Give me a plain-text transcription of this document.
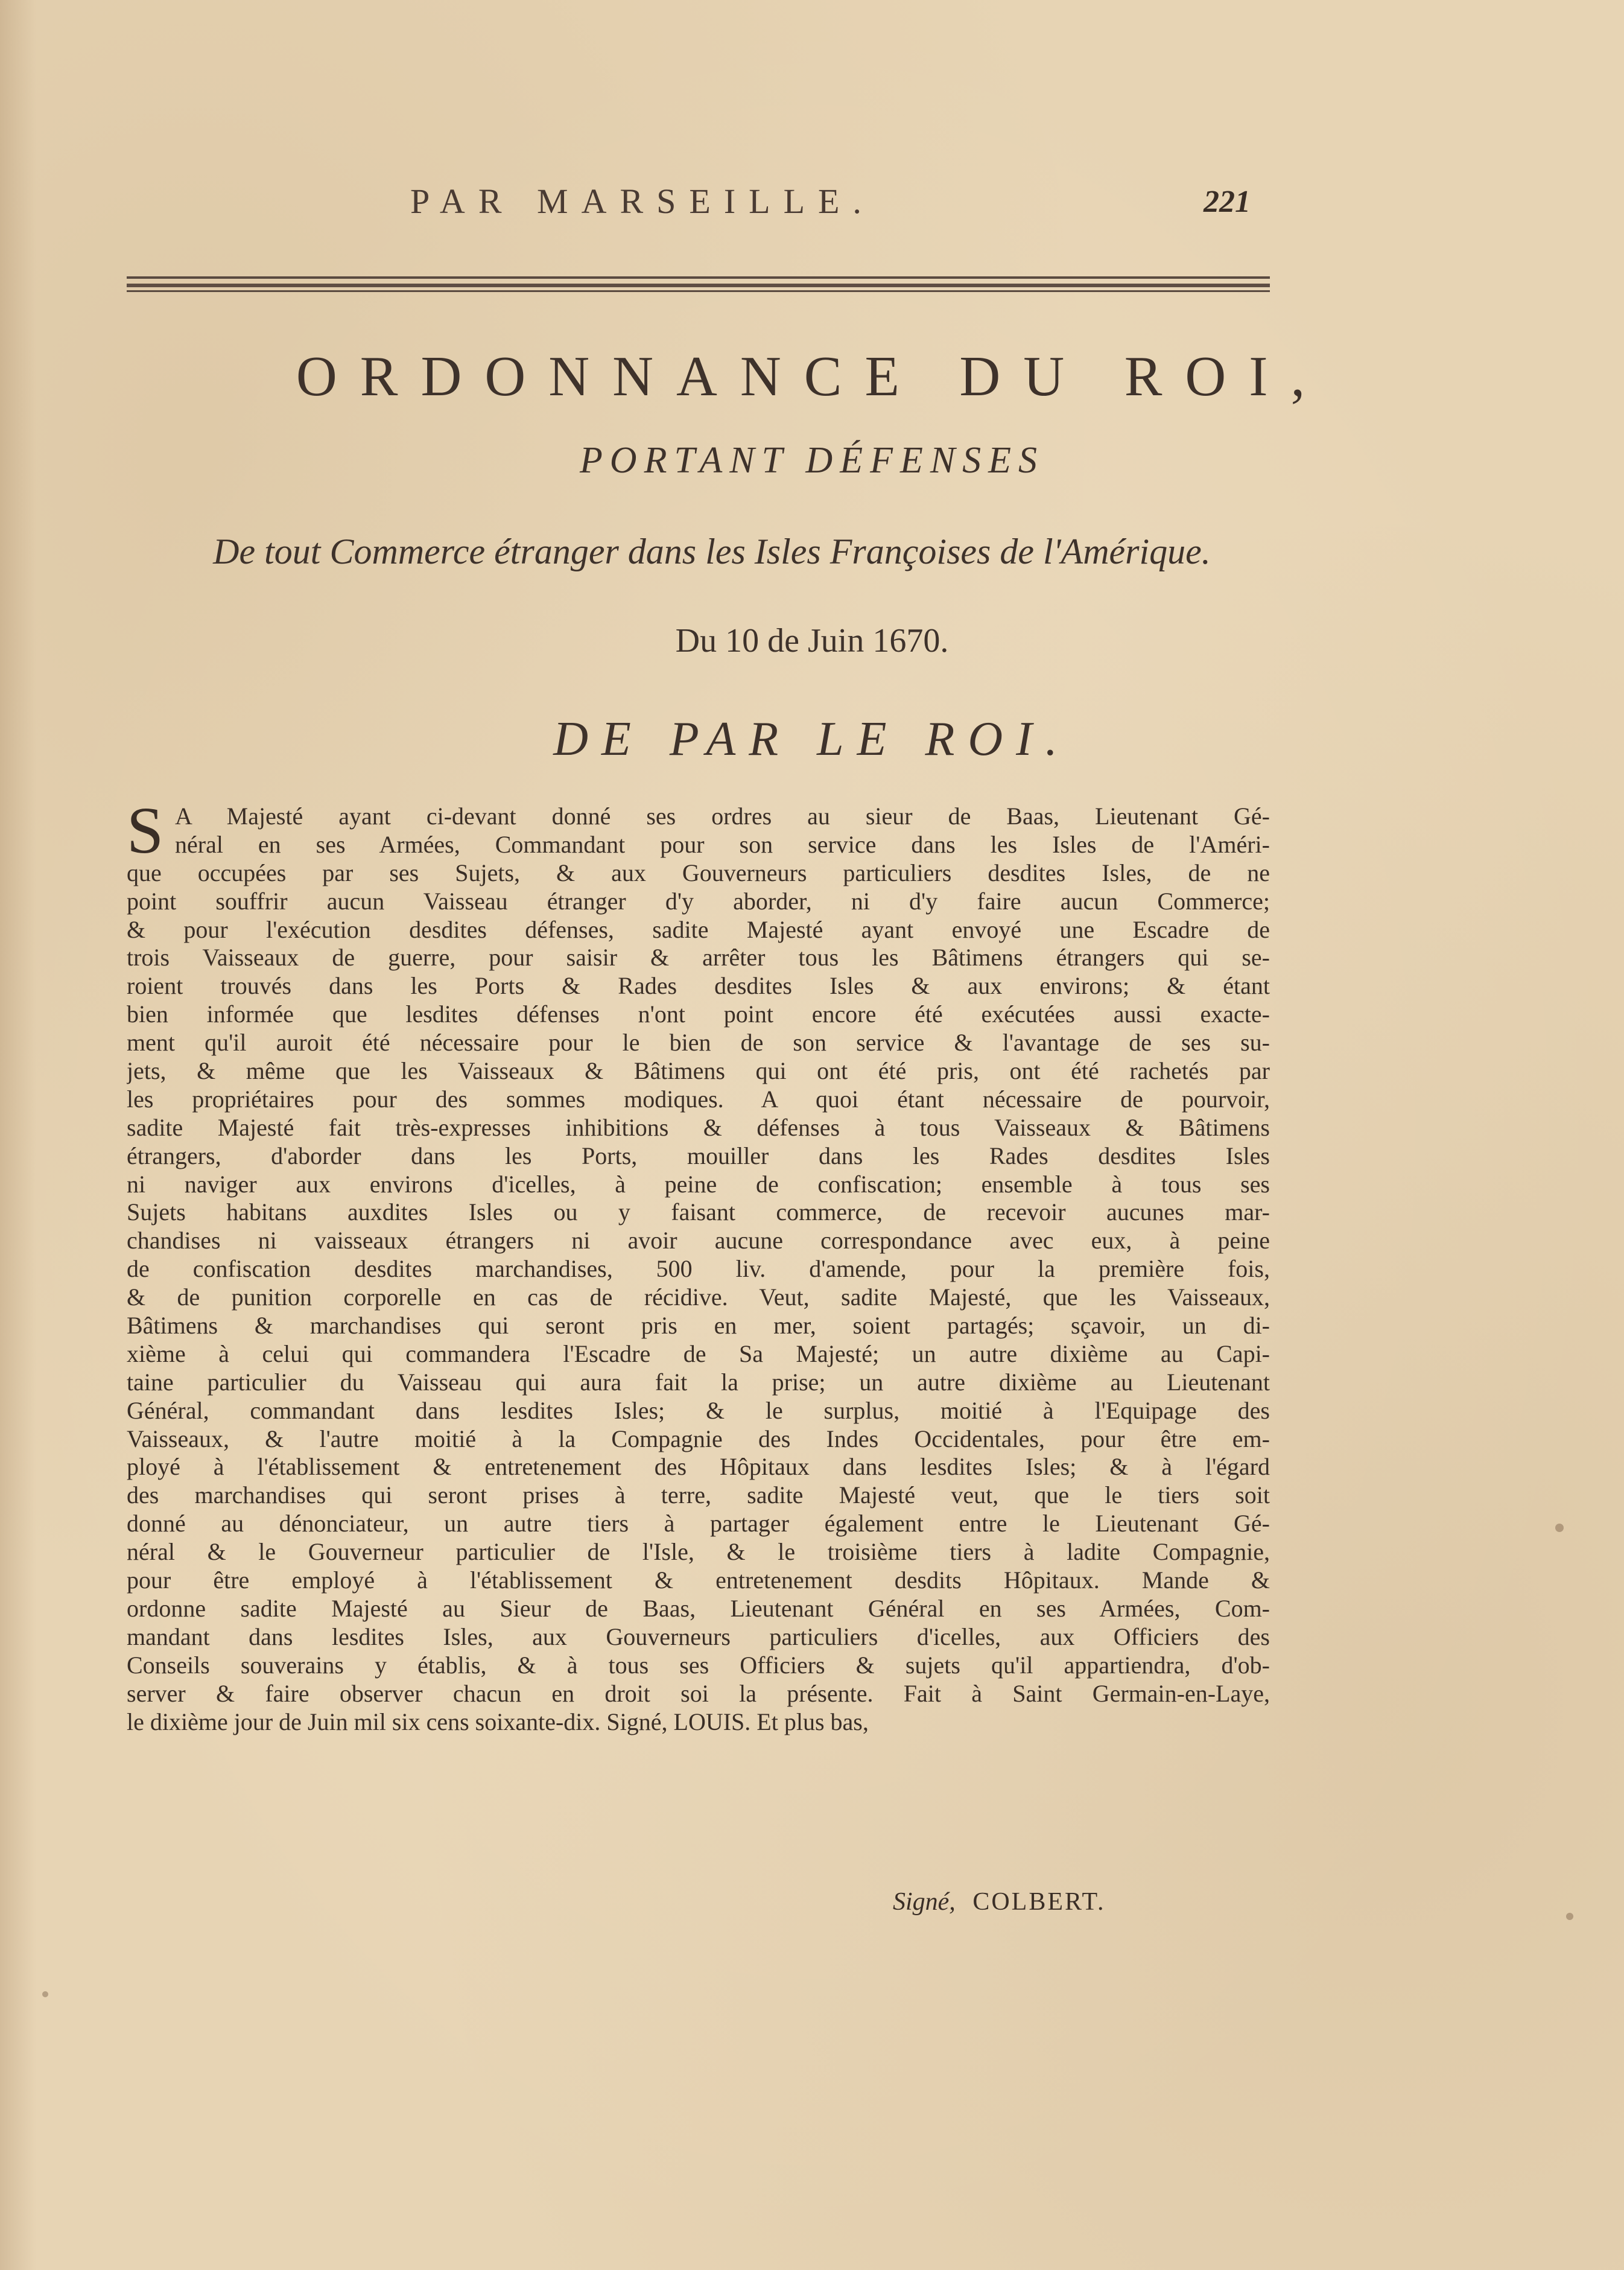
PAR MARSEILLE.	221
ORDONNANCE DU ROI,
PORTANT DÉFENSES
De tout Commerce étranger dans les Isles Françoises de l'Amérique.
Du 10 de Juin 1670.
DE PAR LE ROI.
S A Majesté ayant ci-devant donné ses ordres au sieur de Baas, Lieutenant Gé-
néral en ses Armées, Commandant pour son service dans les Isles de l'Améri-
que occupées par ses Sujets, & aux Gouverneurs particuliers desdites Isles, de ne
point souffrir aucun Vaisseau étranger d'y aborder, ni d'y faire aucun Commerce;
& pour l'exécution desdites défenses, sadite Majesté ayant envoyé une Escadre de
trois Vaisseaux de guerre, pour saisir & arrêter tous les Bâtimens étrangers qui se-
roient trouvés dans les Ports & Rades desdites Isles & aux environs; & étant
bien informée que lesdites défenses n'ont point encore été exécutées aussi exacte-
ment qu'il auroit été nécessaire pour le bien de son service & l'avantage de ses su-
jets, & même que les Vaisseaux & Bâtimens qui ont été pris, ont été rachetés par
les propriétaires pour des sommes modiques. A quoi étant nécessaire de pourvoir,
sadite Majesté fait très-expresses inhibitions & défenses à tous Vaisseaux & Bâtimens
étrangers, d'aborder dans les Ports, mouiller dans les Rades desdites Isles
ni naviger aux environs d'icelles, à peine de confiscation; ensemble à tous ses
Sujets habitans auxdites Isles ou y faisant commerce, de recevoir aucunes mar-
chandises ni vaisseaux étrangers ni avoir aucune correspondance avec eux, à peine
de confiscation desdites marchandises, 500 liv. d'amende, pour la première fois,
& de punition corporelle en cas de récidive. Veut, sadite Majesté, que les Vaisseaux,
Bâtimens & marchandises qui seront pris en mer, soient partagés; sçavoir, un di-
xième à celui qui commandera l'Escadre de Sa Majesté; un autre dixième au Capi-
taine particulier du Vaisseau qui aura fait la prise; un autre dixième au Lieutenant
Général, commandant dans lesdites Isles; & le surplus, moitié à l'Equipage des
Vaisseaux, & l'autre moitié à la Compagnie des Indes Occidentales, pour être em-
ployé à l'établissement & entretenement des Hôpitaux dans lesdites Isles; & à l'égard
des marchandises qui seront prises à terre, sadite Majesté veut, que le tiers soit
donné au dénonciateur, un autre tiers à partager également entre le Lieutenant Gé-
néral & le Gouverneur particulier de l'Isle, & le troisième tiers à ladite Compagnie,
pour être employé à l'établissement & entretenement desdits Hôpitaux. Mande &
ordonne sadite Majesté au Sieur de Baas, Lieutenant Général en ses Armées, Com-
mandant dans lesdites Isles, aux Gouverneurs particuliers d'icelles, aux Officiers des
Conseils souverains y établis, & à tous ses Officiers & sujets qu'il appartiendra, d'ob-
server & faire observer chacun en droit soi la présente. Fait à Saint Germain-en-Laye,
le dixième jour de Juin mil six cens soixante-dix. Signé, LOUIS. Et plus bas,
Signé, COLBERT.
